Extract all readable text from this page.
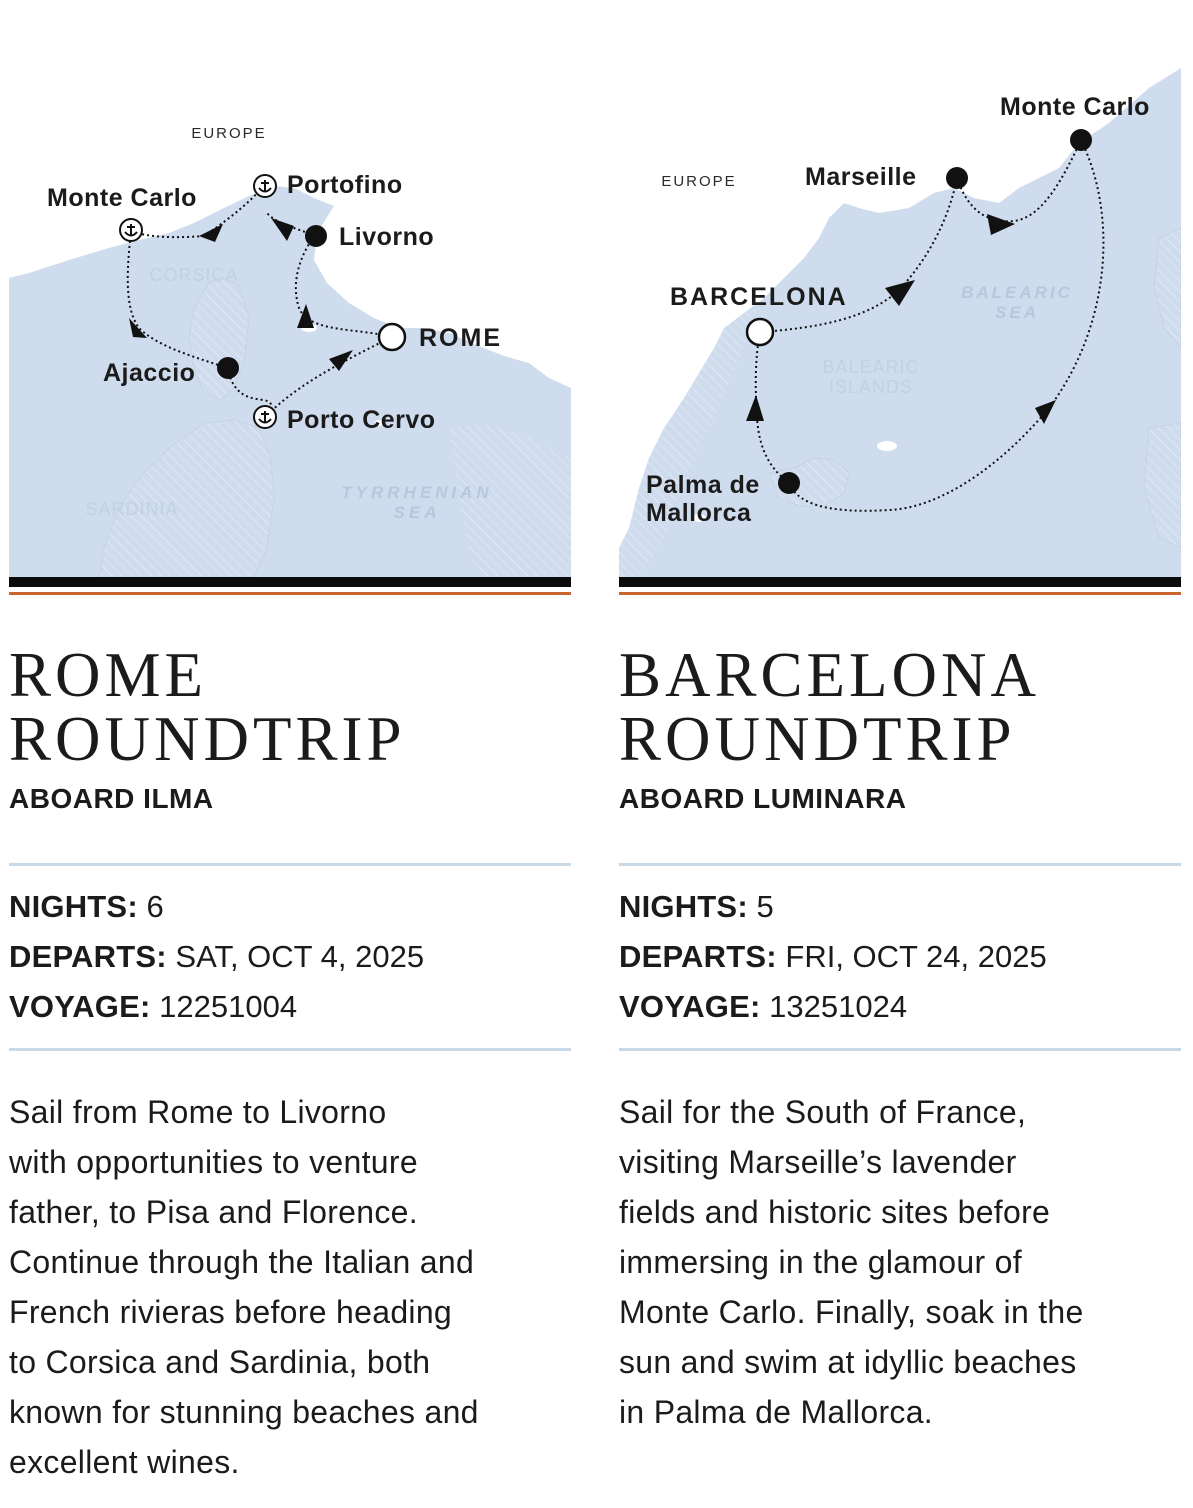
EUROPE
CORSICA
SARDINIA
TYRRHENIAN
SEA
Monte Carlo	Portofino
Livorno
ROME
Ajaccio
Porto Cervo
ROME
ROUNDTRIP
ABOARD ILMA
NIGHTS: 6
DEPARTS: SAT, OCT 4, 2025
VOYAGE: 12251004
Sail from Rome to Livorno
with opportunities to venture
father, to Pisa and Florence.
Continue through the Italian and
French rivieras before heading
to Corsica and Sardinia, both
known for stunning beaches and
excellent wines.
EUROPE
BALEARIC
SEA
BALEARIC
ISLANDS
Monte Carlo
Marseille
BARCELONA
Palma de
Mallorca
BARCELONA
ROUNDTRIP
ABOARD LUMINARA
NIGHTS: 5
DEPARTS: FRI, OCT 24, 2025
VOYAGE: 13251024
Sail for the South of France,
visiting Marseille’s lavender
fields and historic sites before
immersing in the glamour of
Monte Carlo. Finally, soak in the
sun and swim at idyllic beaches
in Palma de Mallorca.
